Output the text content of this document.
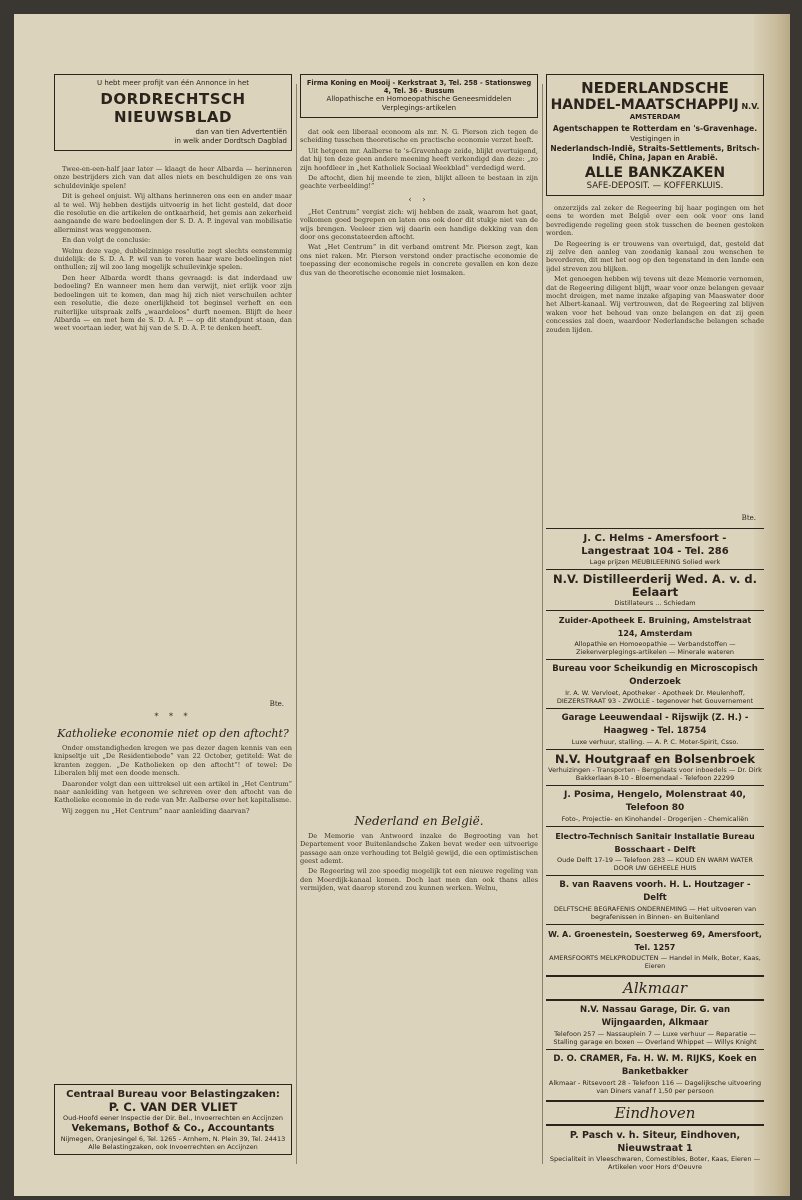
U hebt meer profijt van één Annonce in het
DORDRECHTSCH NIEUWSBLAD
dan van tien Advertentiën
in welk ander Dordtsch Dagblad

Twee-en-een-half jaar later — klaagt de heer Albarda — herinneren onze bestrijders zich van dat alles niets en beschuldigen ze ons van schuldevinkje spelen!

Dit is geheel onjuist. Wij althans herinneren ons een en ander maar al te wel. Wij hebben destijds uitvoerig in het licht gesteld, dat door die resolutie en die artikelen de ontkaarheid, het gemis aan zekerheid aangaande de ware bedoelingen der S. D. A. P. ingeval van mobilisatie allerminst was weggenomen.

En dan volgt de conclusie:

Welnu deze vage, dubbelzinnige resolutie zegt slechts eenstemmig duidelijk: de S. D. A. P. wil van te voren haar ware bedoelingen niet onthullen; zij wil zoo lang mogelijk schuilevinkje spelen.

Den heer Albarda wordt thans gevraagd: is dat inderdaad uw bedoeling? En wanneer men hem dan verwijt, niet erlijk voor zijn bedoelingen uit te komen, dan mag hij zich niet verschuilen achter een resolutie, die deze onerlijkheid tot beginsel verheft en een ruiterlijke uitspraak zelfs „waardeloos” durft noemen. Blijft de heer Albarda — en met hem de S. D. A. P. — op dit standpunt staan, dan weet voortaan ieder, wat hij van de S. D. A. P. te denken heeft.

Bte.
* * *
Katholieke economie niet op den aftocht?

Onder omstandigheden kregen we pas dezer dagen kennis van een knipseltje uit „De Residentiebode” van 22 October, getiteld: Wat de kranten zeggen. „De Katholieken op den aftocht”! of tewel: De Liberalen blij met een doode mensch.

Daaronder volgt dan een uittreksel uit een artikel in „Het Centrum” naar aanleiding van hetgeen we schreven over den aftocht van de Katholieke economie in de rede van Mr. Aalberse over het kapitalisme.

Wij zeggen nu „Het Centrum” naar aanleiding daarvan?

Centraal Bureau voor Belastingzaken:
P. C. VAN DER VLIET
Oud-Hoofd eener Inspectie der Dir. Bel., Invoerrechten en Accijnzen
Vekemans, Bothof & Co., Accountants
Nijmegen, Oranjesingel 6, Tel. 1265 - Arnhem, N. Plein 39, Tel. 24413
Alle Belastingzaken, ook Invoerrechten en Accijnzen
Firma Koning en Mooij - Kerkstraat 3, Tel. 258 - Stationsweg 4, Tel. 36 - Bussum
Allopathische en Homoeopathische Geneesmiddelen
Verplegings-artikelen

dat ook een liberaal econoom als mr. N. G. Pierson zich tegen de scheiding tusschen theoretische en practische economie verzet heeft.

Uit hetgeen mr. Aalberse te 's-Gravenhage zeide, blijkt overtuigend, dat hij ten deze geen andere meening heeft verkondigd dan deze: „zo zijn hoofdleer in „het Katholiek Sociaal Weekblad” verdedigd werd.

De aftocht, dien hij meende te zien, blijkt alleen te bestaan in zijn geachte verbeelding!”

‹ ›

„Het Centrum” vergist zich: wij hebben de zaak, waarom het gaat, volkomen goed begrepen en laten ons ook door dit stukje niet van de wijs brengen. Veeleer zien wij daarin een handige dekking van den door ons geconstateerden aftocht.

Wat „Het Centrum” in dit verband omtrent Mr. Pierson zegt, kan ons niet raken. Mr. Pierson verstond onder practische economie de toepassing der economische regels in concrete gevallen en kon deze dus van de theoretische economie niet losmaken.

Nederland en België.

De Memorie van Antwoord inzake de Begrooting van het Departement voor Buitenlandsche Zaken bevat weder een uitvoerige passage aan onze verhouding tot België gewijd, die een optimistischen geest ademt.

De Regeering wil zoo spoedig mogelijk tot een nieuwe regeling van den Moerdijk-kanaal komen. Doch laat men dan ook thans alles vermijden, wat daarop storend zou kunnen werken. Welnu,

NEDERLANDSCHE
HANDEL-MAATSCHAPPIJ N.V.
AMSTERDAM
Agentschappen te Rotterdam en 's-Gravenhage.
Vestigingen in
Nederlandsch-Indië, Straits-Settlements, Britsch-Indië, China, Japan en Arabië.
ALLE BANKZAKEN
SAFE-DEPOSIT. — KOFFERKLUIS.

onzerzijds zal zeker de Regeering bij haar pogingen om het eens te worden met België over een ook voor ons land bevredigende regeling geen stok tusschen de beenen gestoken worden.

De Regeering is er trouwens van overtuigd, dat, gesteld dat zij zelve den aanleg van zoodanig kanaal zou wenschen te bevorderen, dit met het oog op den tegenstand in den lande een ijdel streven zou blijken.

Met genoegen hebben wij tevens uit deze Memorie vernomen, dat de Regeering diligent blijft, waar voor onze belangen gevaar mocht dreigen, met name inzake afgaping van Maaswater door het Albert-kanaal. Wij vertrouwen, dat de Regeering zal blijven waken voor het behoud van onze belangen en dat zij geen concessies zal doen, waardoor Nederlandsche belangen schade zouden lijden.

Bte.
J. C. Helms - Amersfoort - Langestraat 104 - Tel. 286
Lage prijzen MEUBILEERING Solied werk
N.V. Distilleerderij Wed. A. v. d. Eelaart
Distillateurs ... Schiedam
Zuider-Apotheek E. Bruining, Amstelstraat 124, Amsterdam
Allopathie en Homoeopathie — Verbandstoffen — Ziekenverplegings-artikelen — Minerale wateren
Bureau voor Scheikundig en Microscopisch Onderzoek
Ir. A. W. Vervloet, Apotheker - Apotheek Dr. Meulenhoff, DIEZERSTRAAT 93 - ZWOLLE - tegenover het Gouvernement
Garage Leeuwendaal - Rijswijk (Z. H.) - Haagweg - Tel. 18754
Luxe verhuur, stalling. — A. P. C. Moter-Spirit, Csso.
N.V. Houtgraaf en Bolsenbroek
Verhuizingen - Transporten - Bergplaats voor inboedels — Dr. Dirk Bakkerlaan 8-10 - Bloemendaal - Telefoon 22299
J. Posima, Hengelo, Molenstraat 40, Telefoon 80
Foto-, Projectie- en Kinohandel - Drogerijen - Chemicaliën
Electro-Technisch Sanitair Installatie Bureau Bosschaart - Delft
Oude Delft 17-19 — Telefoon 283 — KOUD EN WARM WATER DOOR UW GEHEELE HUIS
B. van Raavens voorh. H. L. Houtzager - Delft
DELFTSCHE BEGRAFENIS ONDERNEMING — Het uitvoeren van begrafenissen in Binnen- en Buitenland
W. A. Groenestein, Soesterweg 69, Amersfoort, Tel. 1257
AMERSFOORTS MELKPRODUCTEN — Handel in Melk, Boter, Kaas, Eieren
Alkmaar
N.V. Nassau Garage, Dir. G. van Wijngaarden, Alkmaar
Telefoon 257 — Nassauplein 7 — Luxe verhuur — Reparatie — Stalling garage en boxen — Overland Whippet — Willys Knight
D. O. CRAMER, Fa. H. W. M. RIJKS, Koek en Banketbakker
Alkmaar - Ritsevoort 28 - Telefoon 116 — Dagelijksche uitvoering van Diners vanaf f 1,50 per persoon
Eindhoven
P. Pasch v. h. Siteur, Eindhoven, Nieuwstraat 1
Specialiteit in Vleeschwaren, Comestibles, Boter, Kaas, Eieren — Artikelen voor Hors d'Oeuvre
